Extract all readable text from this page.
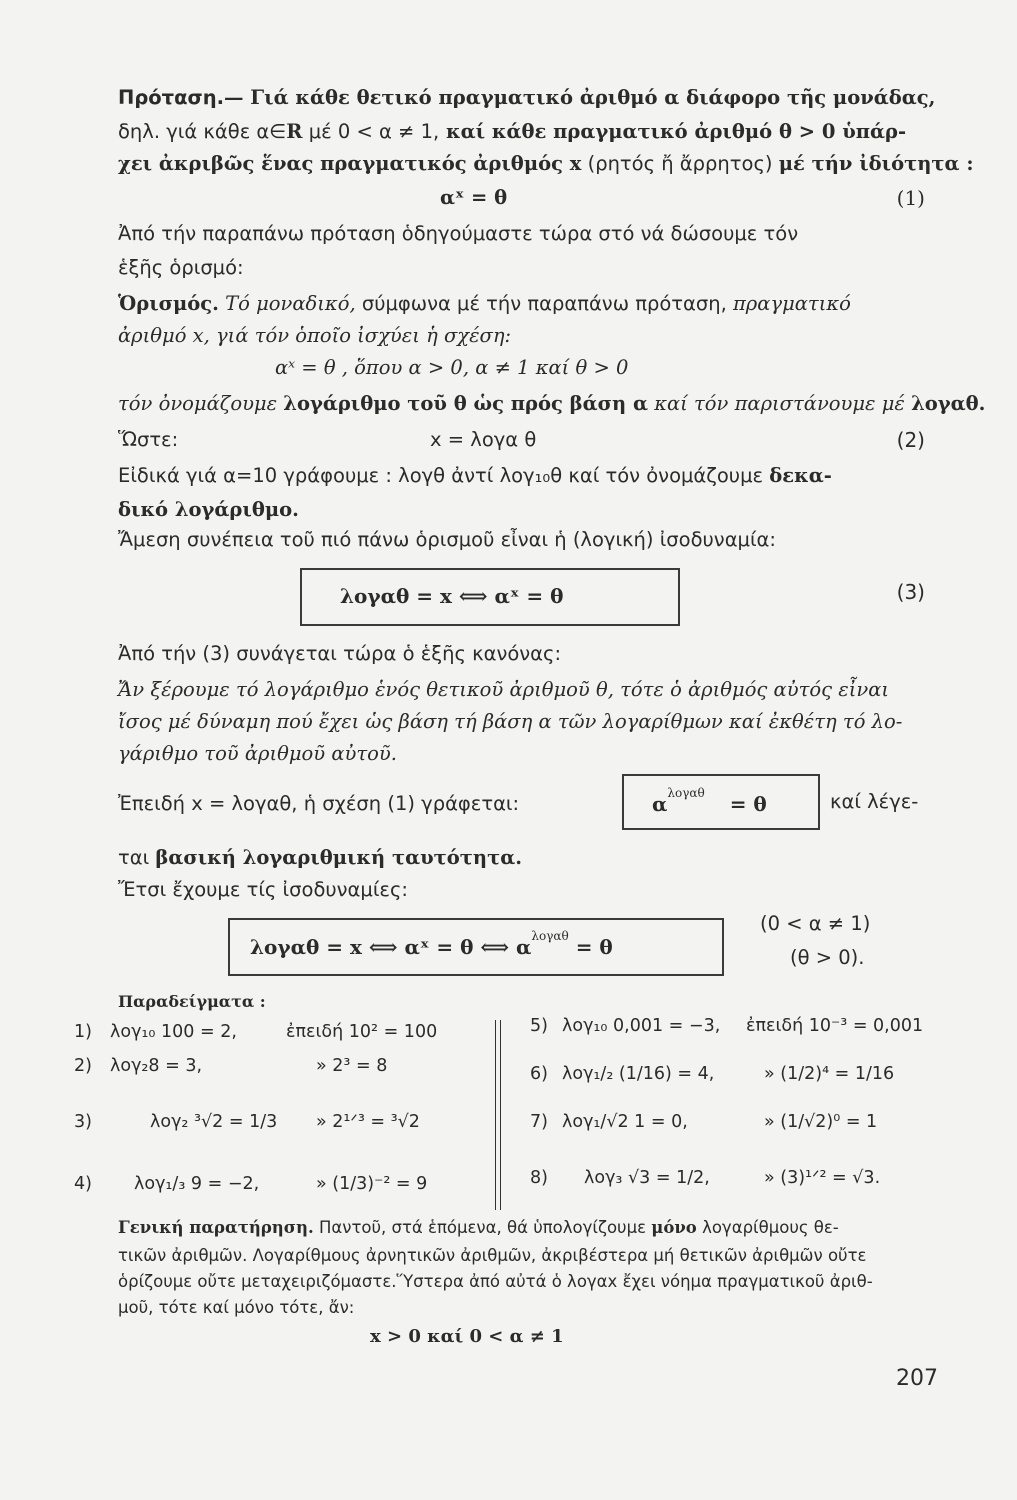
Πρόταση.— Γιά κάθε θετικό πραγματικό ἀριθμό α διάφορο τῆς μονάδας,
δηλ. γιά κάθε α∈R μέ 0 < α ≠ 1, καί κάθε πραγματικό ἀριθμό θ > 0 ὑπάρ-
χει ἀκριβῶς ἕνας πραγματικός ἀριθμός x (ρητός ἤ ἄρρητος) μέ τήν ἰδιότητα :
αˣ = θ	(1)
Ἀπό τήν παραπάνω πρόταση ὁδηγούμαστε τώρα στό νά δώσουμε τόν
ἑξῆς ὁρισμό:
Ὁρισμός. Τό μοναδικό, σύμφωνα μέ τήν παραπάνω πρόταση, πραγματικό
ἀριθμό x, γιά τόν ὁποῖο ἰσχύει ἡ σχέση:
αˣ = θ , ὅπου α > 0, α ≠ 1 καί θ > 0
τόν ὀνομάζουμε λογάριθμο τοῦ θ ὡς πρός βάση α καί τόν παριστάνουμε μέ λογαθ.
Ὥστε:	x = λογα θ	(2)
Εἰδικά γιά α=10 γράφουμε : λογθ ἀντί λογ₁₀θ καί τόν ὀνομάζουμε δεκα-
δικό λογάριθμο.
Ἄμεση συνέπεια τοῦ πιό πάνω ὁρισμοῦ εἶναι ἡ (λογική) ἰσοδυναμία:
λογαθ = x ⟺ αˣ = θ	(3)
Ἀπό τήν (3) συνάγεται τώρα ὁ ἑξῆς κανόνας:
Ἄν ξέρουμε τό λογάριθμο ἑνός θετικοῦ ἀριθμοῦ θ, τότε ὁ ἀριθμός αὐτός εἶναι
ἴσος μέ δύναμη πού ἔχει ὡς βάση τή βάση α τῶν λογαρίθμων καί ἐκθέτη τό λο-
γάριθμο τοῦ ἀριθμοῦ αὐτοῦ.
Ἐπειδή x = λογαθ, ἡ σχέση (1) γράφεται:	$\alpha^{\lambda o\gamma\alpha\theta} = \theta$	καί λέγε-
ται βασική λογαριθμική ταυτότητα.
Ἔτσι ἔχουμε τίς ἰσοδυναμίες:
λογαθ = x ⟺ αˣ = θ ⟺ $\alpha^{\lambda o\gamma\alpha\theta} = \theta$
(0 < α ≠ 1)
(θ > 0).
Παραδείγματα :
1) λογ₁₀ 100 = 2,	ἐπειδή 10² = 100
2) λογ₂8 = 3,	» 2³ = 8
3)	λογ₂ ³√2 = 1/3 » 2¹ᐟ³ = ³√2
4) λογ₁/₃ 9 = −2,	» (1/3)⁻² = 9
5) λογ₁₀ 0,001 = −3, ἐπειδή 10⁻³ = 0,001
6) λογ₁/₂ (1/16) = 4,	» (1/2)⁴ = 1/16
7) λογ₁/√2 1 = 0,	» (1/√2)⁰ = 1
8) λογ₃ √3 = 1/2,	» (3)¹ᐟ² = √3.
Γενική παρατήρηση. Παντοῦ, στά ἑπόμενα, θά ὑπολογίζουμε μόνο λογαρίθμους θε-
τικῶν ἀριθμῶν. Λογαρίθμους ἀρνητικῶν ἀριθμῶν, ἀκριβέστερα μή θετικῶν ἀριθμῶν οὔτε
ὁρίζουμε οὔτε μεταχειριζόμαστε.Ὕστερα ἀπό αὐτά ὁ λογαx ἔχει νόημα πραγματικοῦ ἀριθ-
μοῦ, τότε καί μόνο τότε, ἄν:
x > 0 καί 0 < α ≠ 1
207
